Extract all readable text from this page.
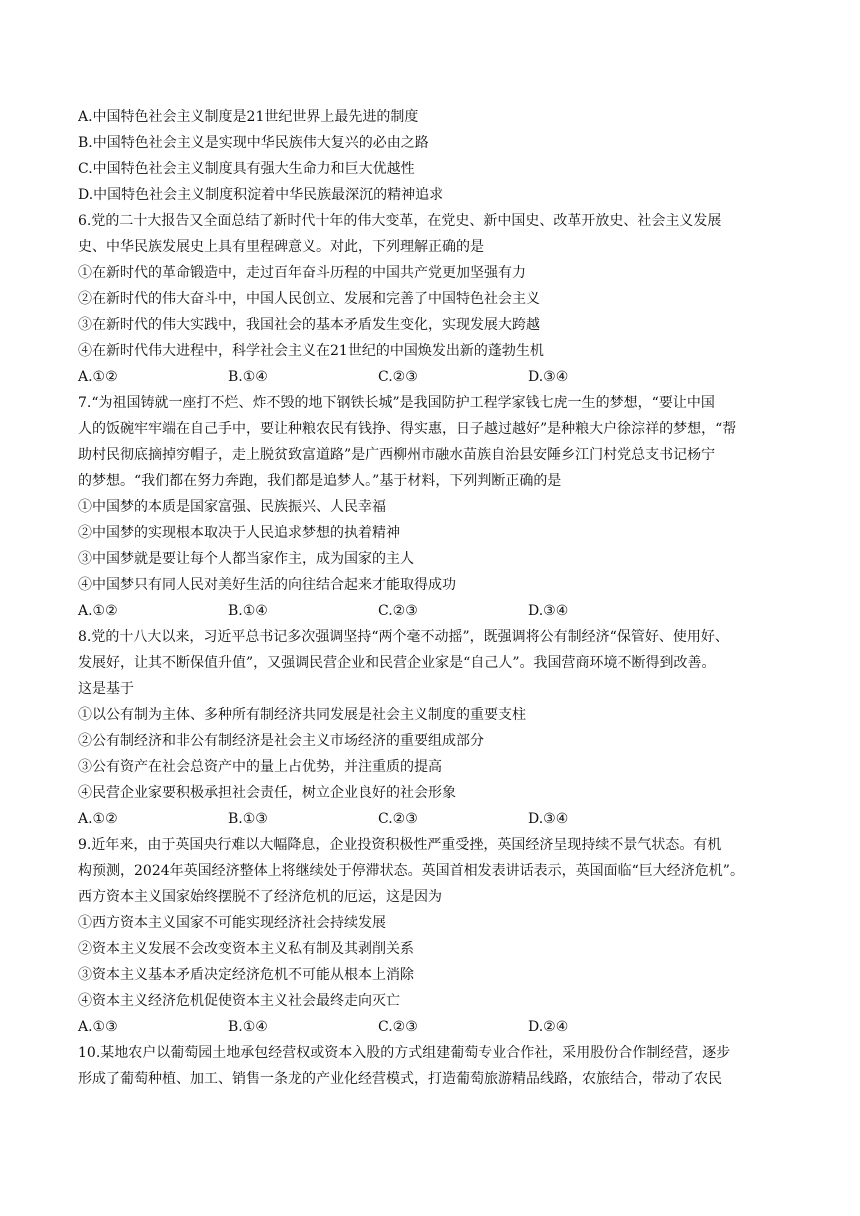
A.中国特色社会主义制度是21世纪世界上最先进的制度
B.中国特色社会主义是实现中华民族伟大复兴的必由之路
C.中国特色社会主义制度具有强大生命力和巨大优越性
D.中国特色社会主义制度积淀着中华民族最深沉的精神追求
6.党的二十大报告又全面总结了新时代十年的伟大变革，在党史、新中国史、改革开放史、社会主义发展
史、中华民族发展史上具有里程碑意义。对此，下列理解正确的是
①在新时代的革命锻造中，走过百年奋斗历程的中国共产党更加坚强有力
②在新时代的伟大奋斗中，中国人民创立、发展和完善了中国特色社会主义
③在新时代的伟大实践中，我国社会的基本矛盾发生变化，实现发展大跨越
④在新时代伟大进程中，科学社会主义在21世纪的中国焕发出新的蓬勃生机
A.①②	B.①④	C.②③	D.③④
7.“为祖国铸就一座打不烂、炸不毁的地下钢铁长城”是我国防护工程学家钱七虎一生的梦想，“要让中国
人的饭碗牢牢端在自己手中，要让种粮农民有钱挣、得实惠，日子越过越好”是种粮大户徐淙祥的梦想，“帮
助村民彻底摘掉穷帽子，走上脱贫致富道路”是广西柳州市融水苗族自治县安陲乡江门村党总支书记杨宁
的梦想。“我们都在努力奔跑，我们都是追梦人。”基于材料，下列判断正确的是
①中国梦的本质是国家富强、民族振兴、人民幸福
②中国梦的实现根本取决于人民追求梦想的执着精神
③中国梦就是要让每个人都当家作主，成为国家的主人
④中国梦只有同人民对美好生活的向往结合起来才能取得成功
A.①②	B.①④	C.②③	D.③④
8.党的十八大以来，习近平总书记多次强调坚持“两个毫不动摇”，既强调将公有制经济“保管好、使用好、
发展好，让其不断保值升值”，又强调民营企业和民营企业家是“自己人”。我国营商环境不断得到改善。
这是基于
①以公有制为主体、多种所有制经济共同发展是社会主义制度的重要支柱
②公有制经济和非公有制经济是社会主义市场经济的重要组成部分
③公有资产在社会总资产中的量上占优势，并注重质的提高
④民营企业家要积极承担社会责任，树立企业良好的社会形象
A.①②	B.①③	C.②③	D.③④
9.近年来，由于英国央行难以大幅降息，企业投资积极性严重受挫，英国经济呈现持续不景气状态。有机
构预测，2024年英国经济整体上将继续处于停滞状态。英国首相发表讲话表示，英国面临“巨大经济危机”。
西方资本主义国家始终摆脱不了经济危机的厄运，这是因为
①西方资本主义国家不可能实现经济社会持续发展
②资本主义发展不会改变资本主义私有制及其剥削关系
③资本主义基本矛盾决定经济危机不可能从根本上消除
④资本主义经济危机促使资本主义社会最终走向灭亡
A.①③	B.①④	C.②③	D.②④
10.某地农户以葡萄园土地承包经营权或资本入股的方式组建葡萄专业合作社，采用股份合作制经营，逐步
形成了葡萄种植、加工、销售一条龙的产业化经营模式，打造葡萄旅游精品线路，农旅结合，带动了农民
